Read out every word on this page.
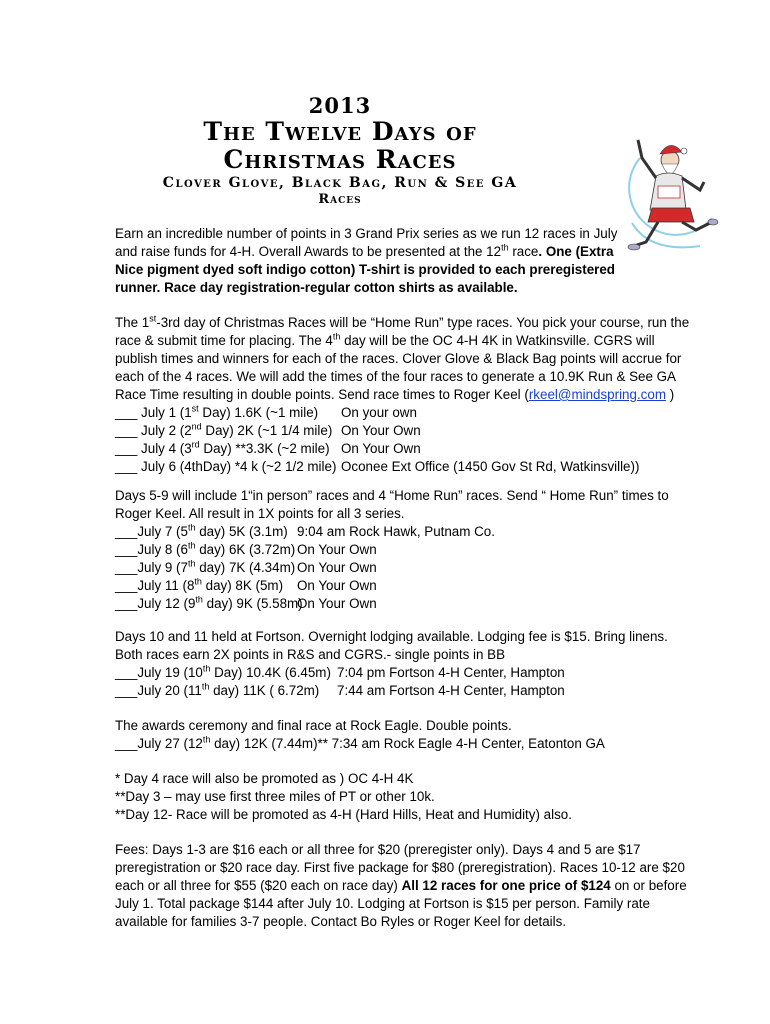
2013
The Twelve Days of
Christmas Races
Clover Glove, Black Bag, Run & See GA
Races
Earn an incredible number of points in 3 Grand Prix series as we run 12 races in July
and raise funds for 4-H. Overall Awards to be presented at the 12th race. One (Extra
Nice pigment dyed soft indigo cotton) T-shirt is provided to each preregistered
runner. Race day registration-regular cotton shirts as available.
The 1st-3rd day of Christmas Races will be “Home Run” type races. You pick your course, run the
race & submit time for placing. The 4th day will be the OC 4-H 4K in Watkinsville. CGRS will
publish times and winners for each of the races. Clover Glove & Black Bag points will accrue for
each of the 4 races. We will add the times of the four races to generate a 10.9K Run & See GA
Race Time resulting in double points. Send race times to Roger Keel (rkeel@mindspring.com )
___ July 1 (1st Day) 1.6K (~1 mile) On your own
___ July 2 (2nd Day) 2K (~1 1/4 mile) On Your Own
___ July 4 (3rd Day) **3.3K (~2 mile) On Your Own
___ July 6 (4thDay) *4 k (~2 1/2 mile) Oconee Ext Office (1450 Gov St Rd, Watkinsville))
Days 5-9 will include 1“in person” races and 4 “Home Run” races. Send “ Home Run” times to
Roger Keel. All result in 1X points for all 3 series.
___July 7 (5th day) 5K (3.1m) 9:04 am Rock Hawk, Putnam Co.
___July 8 (6th day) 6K (3.72m) On Your Own
___July 9 (7th day) 7K (4.34m) On Your Own
___July 11 (8th day) 8K (5m) On Your Own
___July 12 (9th day) 9K (5.58m)On Your Own
Days 10 and 11 held at Fortson. Overnight lodging available. Lodging fee is $15. Bring linens.
Both races earn 2X points in R&S and CGRS.- single points in BB
___July 19 (10th Day) 10.4K (6.45m) 7:04 pm Fortson 4-H Center, Hampton
___July 20 (11th day) 11K ( 6.72m) 7:44 am Fortson 4-H Center, Hampton
The awards ceremony and final race at Rock Eagle. Double points.
___July 27 (12th day) 12K (7.44m)** 7:34 am Rock Eagle 4-H Center, Eatonton GA
* Day 4 race will also be promoted as ) OC 4-H 4K
**Day 3 – may use first three miles of PT or other 10k.
**Day 12- Race will be promoted as 4-H (Hard Hills, Heat and Humidity) also.
Fees: Days 1-3 are $16 each or all three for $20 (preregister only). Days 4 and 5 are $17
preregistration or $20 race day. First five package for $80 (preregistration). Races 10-12 are $20
each or all three for $55 ($20 each on race day) All 12 races for one price of $124 on or before
July 1. Total package $144 after July 10. Lodging at Fortson is $15 per person. Family rate
available for families 3-7 people. Contact Bo Ryles or Roger Keel for details.
